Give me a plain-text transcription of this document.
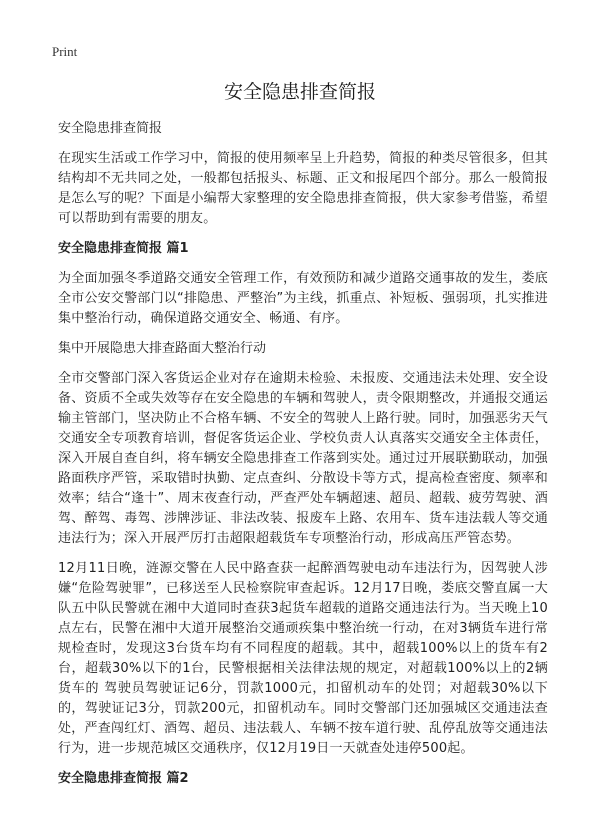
Print
安全隐患排查简报

安全隐患排查简报

在现实生活或工作学习中，简报的使用频率呈上升趋势，简报的种类尽管很多，但其结构却不无共同之处，一般都包括报头、标题、正文和报尾四个部分。那么一般简报是怎么写的呢？下面是小编帮大家整理的安全隐患排查简报，供大家参考借鉴，希望可以帮助到有需要的朋友。

安全隐患排查简报 篇1

为全面加强冬季道路交通安全管理工作，有效预防和减少道路交通事故的发生，娄底全市公安交警部门以“排隐患、严整治”为主线，抓重点、补短板、强弱项，扎实推进集中整治行动，确保道路交通安全、畅通、有序。

集中开展隐患大排查路面大整治行动

全市交警部门深入客货运企业对存在逾期未检验、未报废、交通违法未处理、安全设备、资质不全或失效等存在安全隐患的车辆和驾驶人，责令限期整改，并通报交通运输主管部门，坚决防止不合格车辆、不安全的驾驶人上路行驶。同时，加强恶劣天气交通安全专项教育培训，督促客货运企业、学校负责人认真落实交通安全主体责任，深入开展自查自纠，将车辆安全隐患排查工作落到实处。通过过开展联勤联动，加强路面秩序严管，采取错时执勤、定点查纠、分散设卡等方式，提高检查密度、频率和效率；结合“逢十”、周末夜查行动，严查严处车辆超速、超员、超载、疲劳驾驶、酒驾、醉驾、毒驾、涉牌涉证、非法改装、报废车上路、农用车、货车违法载人等交通违法行为；深入开展严厉打击超限超载货车专项整治行动，形成高压严管态势。

12月11日晚，涟源交警在人民中路查获一起醉酒驾驶电动车违法行为，因驾驶人涉嫌“危险驾驶罪”，已移送至人民检察院审查起诉。12月17日晚，娄底交警直属一大队五中队民警就在湘中大道同时查获3起货车超载的道路交通违法行为。当天晚上10点左右，民警在湘中大道开展整治交通顽疾集中整治统一行动，在对3辆货车进行常规检查时，发现这3台货车均有不同程度的超载。其中，超载100%以上的货车有2台，超载30%以下的1台，民警根据相关法律法规的规定，对超载100%以上的2辆货车的 驾驶员驾驶证记6分，罚款1000元，扣留机动车的处罚；对超载30%以下的，驾驶证记3分，罚款200元，扣留机动车。同时交警部门还加强城区交通违法查处，严查闯红灯、酒驾、超员、违法载人、车辆不按车道行驶、乱停乱放等交通违法行为，进一步规范城区交通秩序，仅12月19日一天就查处违停500起。

安全隐患排查简报 篇2
